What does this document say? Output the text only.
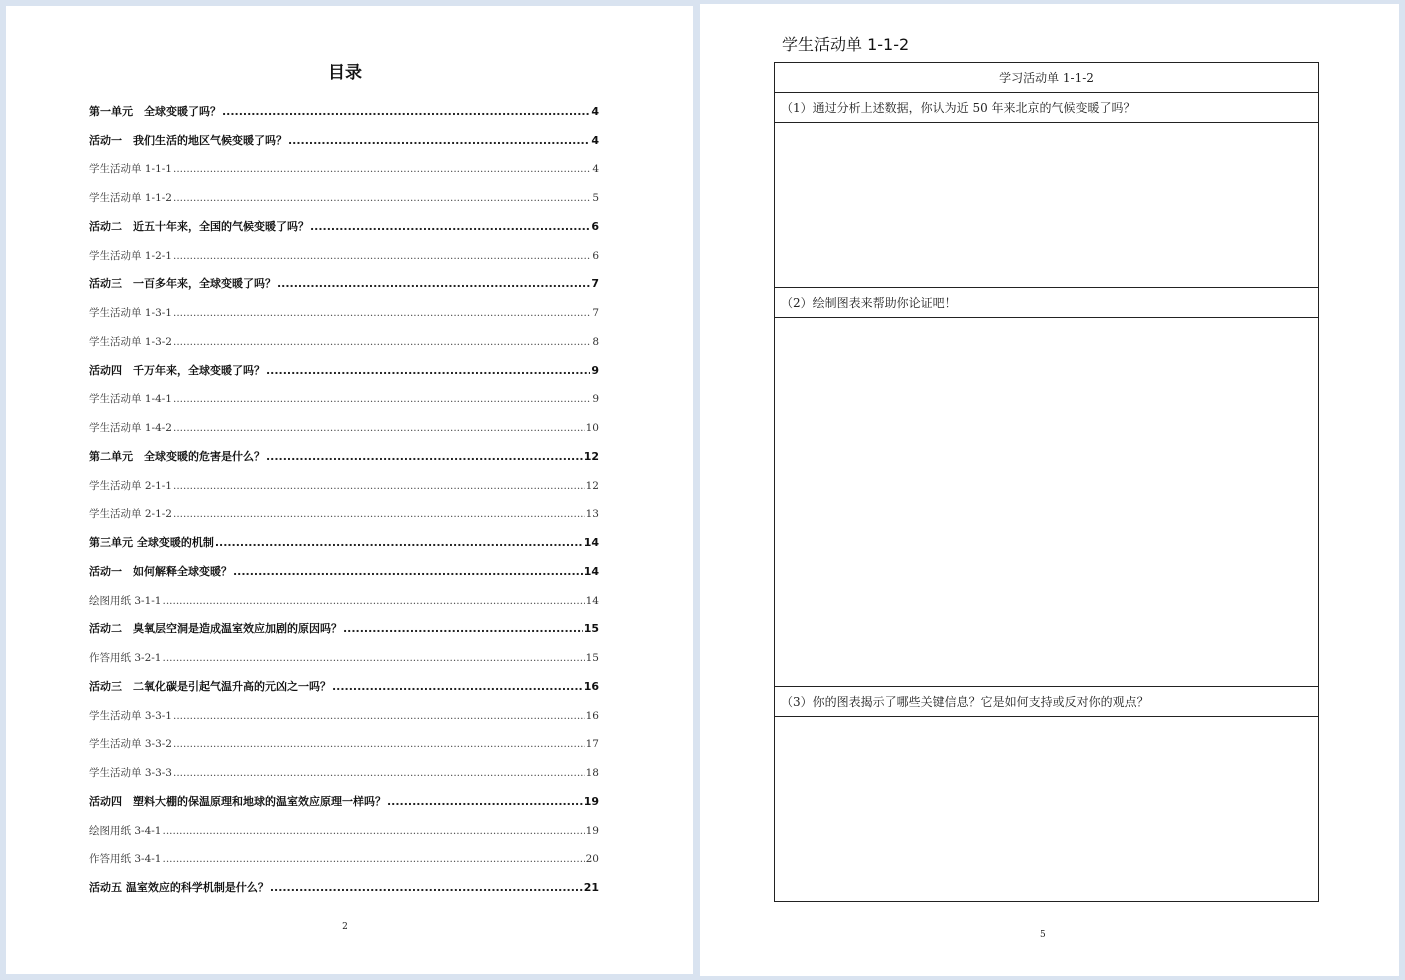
目录
第一单元　全球变暖了吗？ .....	4
活动一　我们生活的地区气候变暖了吗？ .....	4
学生活动单 1-1-1 .....	4
学生活动单 1-1-2 .....	5
活动二　近五十年来，全国的气候变暖了吗？ .....	6
学生活动单 1-2-1 .....	6
活动三　一百多年来，全球变暖了吗？ .....	7
学生活动单 1-3-1 .....	7
学生活动单 1-3-2 .....	8
活动四　千万年来，全球变暖了吗？ .....	9
学生活动单 1-4-1 .....	9
学生活动单 1-4-2 .....	10
第二单元　全球变暖的危害是什么？ .....	12
学生活动单 2-1-1 .....	12
学生活动单 2-1-2 .....	13
第三单元 全球变暖的机制 .....	14
活动一　如何解释全球变暖？ .....	14
绘图用纸 3-1-1 .....	14
活动二　臭氧层空洞是造成温室效应加剧的原因吗？ .....	15
作答用纸 3-2-1 .....	15
活动三　二氧化碳是引起气温升高的元凶之一吗？ .....	16
学生活动单 3-3-1 .....	16
学生活动单 3-3-2 .....	17
学生活动单 3-3-3 .....	18
活动四　塑料大棚的保温原理和地球的温室效应原理一样吗？ .....	19
绘图用纸 3-4-1 .....	19
作答用纸 3-4-1 .....	20
活动五 温室效应的科学机制是什么？ .....	21
2
学生活动单 1-1-2
学习活动单 1-1-2
（1）通过分析上述数据，你认为近 50 年来北京的气候变暖了吗？
（2）绘制图表来帮助你论证吧！
（3）你的图表揭示了哪些关键信息？它是如何支持或反对你的观点？
5
